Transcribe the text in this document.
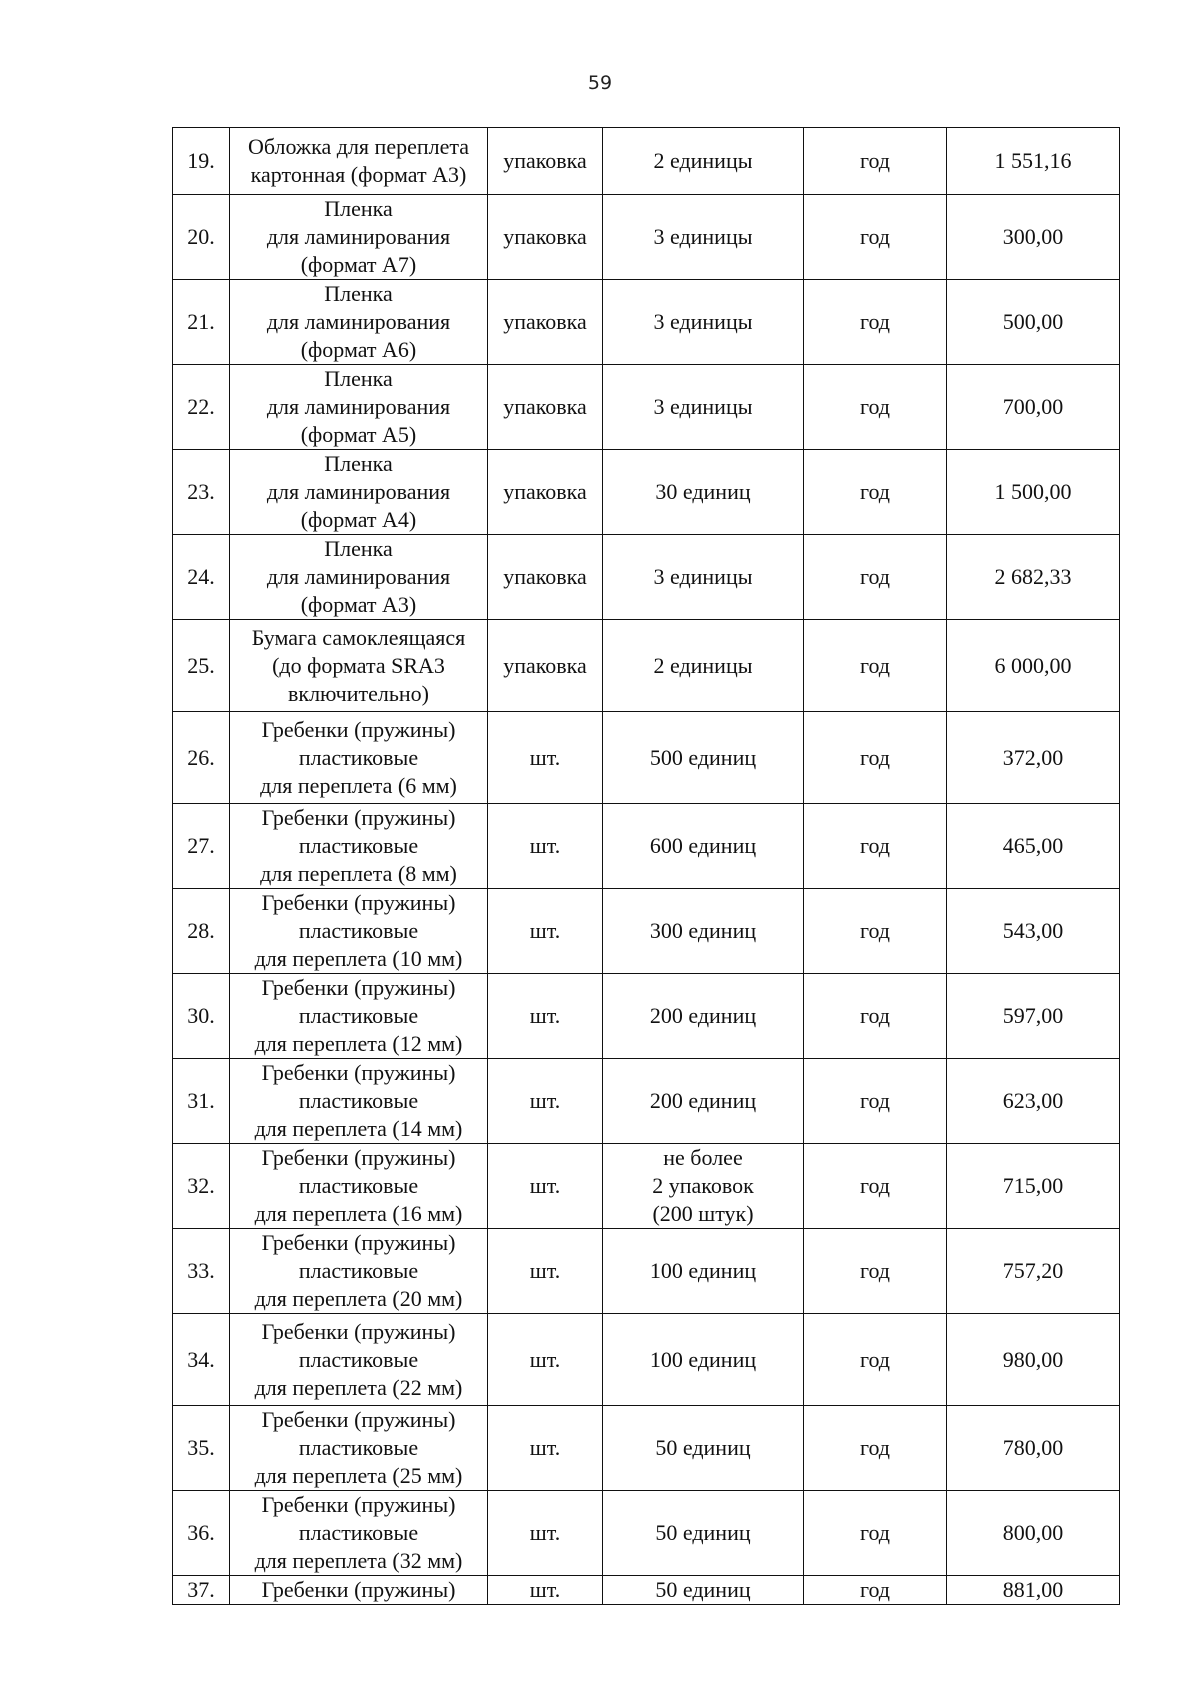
59
19.	Обложка для переплета
картонная (формат А3)	упаковка	2 единицы	год	1 551,16
20.	Пленка
для ламинирования
(формат А7)	упаковка	3 единицы	год	300,00
21.	Пленка
для ламинирования
(формат А6)	упаковка	3 единицы	год	500,00
22.	Пленка
для ламинирования
(формат А5)	упаковка	3 единицы	год	700,00
23.	Пленка
для ламинирования
(формат А4)	упаковка	30 единиц	год	1 500,00
24.	Пленка
для ламинирования
(формат А3)	упаковка	3 единицы	год	2 682,33
25.	Бумага самоклеящаяся
(до формата SRA3
включительно)	упаковка	2 единицы	год	6 000,00
26.	Гребенки (пружины)
пластиковые
для переплета (6 мм)	шт.	500 единиц	год	372,00
27.	Гребенки (пружины)
пластиковые
для переплета (8 мм)	шт.	600 единиц	год	465,00
28.	Гребенки (пружины)
пластиковые
для переплета (10 мм)	шт.	300 единиц	год	543,00
30.	Гребенки (пружины)
пластиковые
для переплета (12 мм)	шт.	200 единиц	год	597,00
31.	Гребенки (пружины)
пластиковые
для переплета (14 мм)	шт.	200 единиц	год	623,00
32.	Гребенки (пружины)
пластиковые
для переплета (16 мм)	шт.	не более
2 упаковок
(200 штук)	год	715,00
33.	Гребенки (пружины)
пластиковые
для переплета (20 мм)	шт.	100 единиц	год	757,20
34.	Гребенки (пружины)
пластиковые
для переплета (22 мм)	шт.	100 единиц	год	980,00
35.	Гребенки (пружины)
пластиковые
для переплета (25 мм)	шт.	50 единиц	год	780,00
36.	Гребенки (пружины)
пластиковые
для переплета (32 мм)	шт.	50 единиц	год	800,00
37.	Гребенки (пружины)	шт.	50 единиц	год	881,00
